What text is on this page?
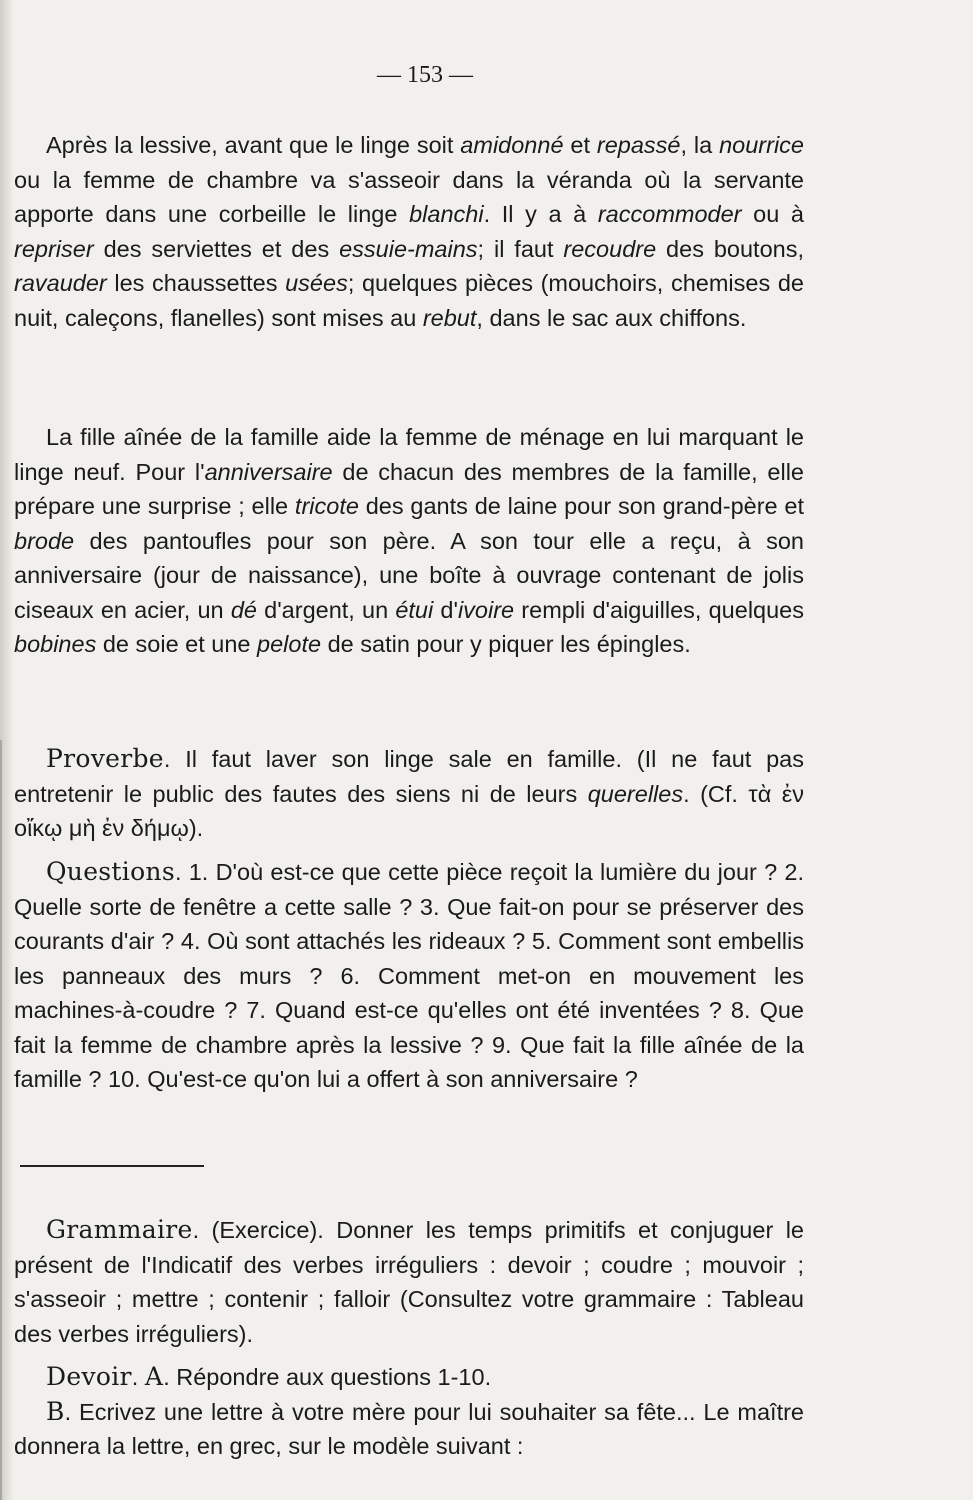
— 153 —

Après la lessive, avant que le linge soit amidonné et repassé, la nourrice ou la femme de chambre va s'asseoir dans la véranda où la servante apporte dans une corbeille le linge blanchi. Il y a à raccommoder ou à repriser des serviettes et des essuie-mains; il faut recoudre des boutons, ravauder les chaussettes usées; quelques pièces (mouchoirs, chemises de nuit, caleçons, flanelles) sont mises au rebut, dans le sac aux chiffons.

La fille aînée de la famille aide la femme de ménage en lui marquant le linge neuf. Pour l'anniversaire de chacun des membres de la famille, elle prépare une surprise ; elle tricote des gants de laine pour son grand-père et brode des pantoufles pour son père. A son tour elle a reçu, à son anniversaire (jour de naissance), une boîte à ouvrage contenant de jolis ciseaux en acier, un dé d'argent, un étui d'ivoire rempli d'aiguilles, quelques bobines de soie et une pelote de satin pour y piquer les épingles.

Proverbe. Il faut laver son linge sale en famille. (Il ne faut pas entretenir le public des fautes des siens ni de leurs querelles. (Cf. τὰ ἐν οἴκῳ μὴ ἐν δήμῳ).

Questions. 1. D'où est-ce que cette pièce reçoit la lumière du jour ? 2. Quelle sorte de fenêtre a cette salle ? 3. Que fait-on pour se préserver des courants d'air ? 4. Où sont attachés les rideaux ? 5. Comment sont embellis les panneaux des murs ? 6. Comment met-on en mouvement les machines-à-coudre ? 7. Quand est-ce qu'elles ont été inventées ? 8. Que fait la femme de chambre après la lessive ? 9. Que fait la fille aînée de la famille ? 10. Qu'est-ce qu'on lui a offert à son anniversaire ?

Grammaire. (Exercice). Donner les temps primitifs et conjuguer le présent de l'Indicatif des verbes irréguliers : devoir ; coudre ; mouvoir ; s'asseoir ; mettre ; contenir ; falloir (Consultez votre grammaire : Tableau des verbes irréguliers).

Devoir. A. Répondre aux questions 1-10.

B. Ecrivez une lettre à votre mère pour lui souhaiter sa fête... Le maître donnera la lettre, en grec, sur le modèle suivant :
